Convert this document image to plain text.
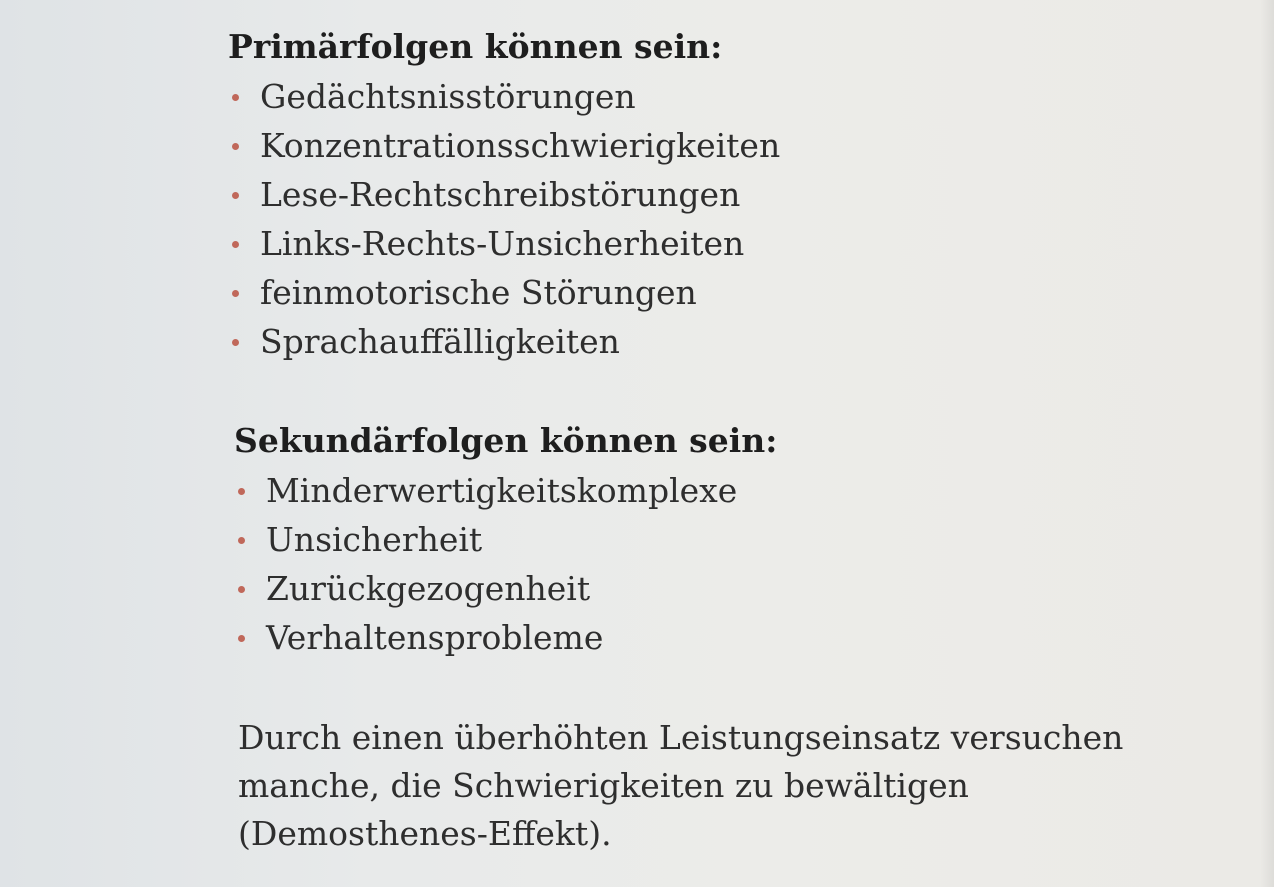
Primärfolgen können sein:
Gedächtsnisstörungen
Konzentrationsschwierigkeiten
Lese-Rechtschreibstörungen
Links-Rechts-Unsicherheiten
feinmotorische Störungen
Sprachauffälligkeiten
Sekundärfolgen können sein:
Minderwertigkeitskomplexe
Unsicherheit
Zurückgezogenheit
Verhaltensprobleme
Durch einen überhöhten Leistungseinsatz versuchen
manche, die Schwierigkeiten zu bewältigen
(Demosthenes-Effekt).
